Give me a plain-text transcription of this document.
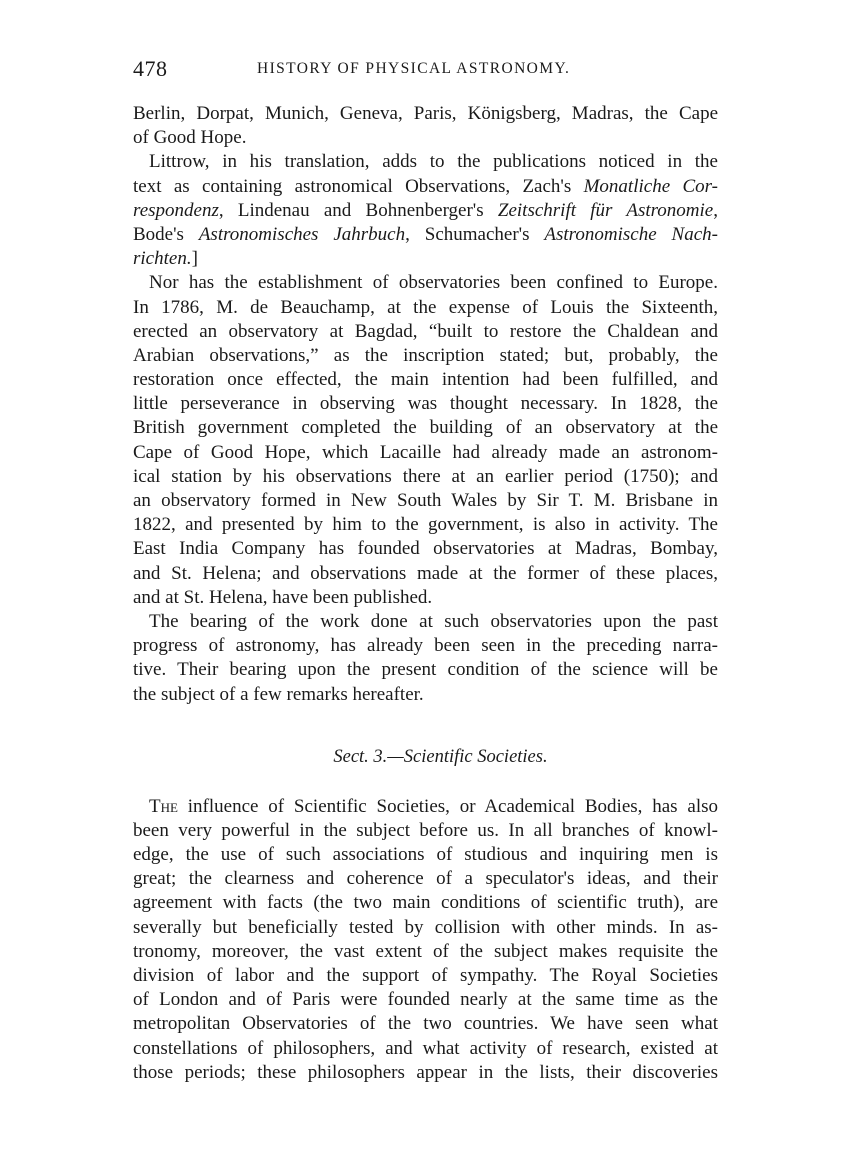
478	HISTORY OF PHYSICAL ASTRONOMY.
Berlin, Dorpat, Munich, Geneva, Paris, Königsberg, Madras, the Cape
of Good Hope.
Littrow, in his translation, adds to the publications noticed in the
text as containing astronomical Observations, Zach's Monatliche Cor-
respondenz, Lindenau and Bohnenberger's Zeitschrift für Astronomie,
Bode's Astronomisches Jahrbuch, Schumacher's Astronomische Nach-
richten.]
Nor has the establishment of observatories been confined to Europe.
In 1786, M. de Beauchamp, at the expense of Louis the Sixteenth,
erected an observatory at Bagdad, “built to restore the Chaldean and
Arabian observations,” as the inscription stated; but, probably, the
restoration once effected, the main intention had been fulfilled, and
little perseverance in observing was thought necessary. In 1828, the
British government completed the building of an observatory at the
Cape of Good Hope, which Lacaille had already made an astronom-
ical station by his observations there at an earlier period (1750); and
an observatory formed in New South Wales by Sir T. M. Brisbane in
1822, and presented by him to the government, is also in activity. The
East India Company has founded observatories at Madras, Bombay,
and St. Helena; and observations made at the former of these places,
and at St. Helena, have been published.
The bearing of the work done at such observatories upon the past
progress of astronomy, has already been seen in the preceding narra-
tive. Their bearing upon the present condition of the science will be
the subject of a few remarks hereafter.
Sect. 3.—Scientific Societies.
The influence of Scientific Societies, or Academical Bodies, has also
been very powerful in the subject before us. In all branches of knowl-
edge, the use of such associations of studious and inquiring men is
great; the clearness and coherence of a speculator's ideas, and their
agreement with facts (the two main conditions of scientific truth), are
severally but beneficially tested by collision with other minds. In as-
tronomy, moreover, the vast extent of the subject makes requisite the
division of labor and the support of sympathy. The Royal Societies
of London and of Paris were founded nearly at the same time as the
metropolitan Observatories of the two countries. We have seen what
constellations of philosophers, and what activity of research, existed at
those periods; these philosophers appear in the lists, their discoveries
